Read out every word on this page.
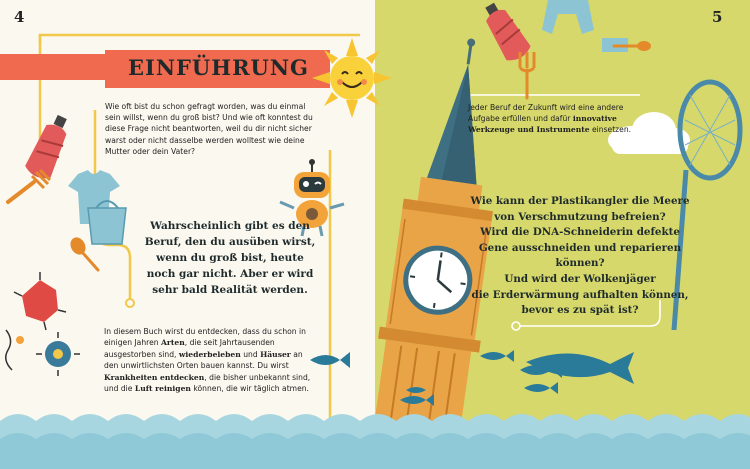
4	5
EINFÜHRUNG
Wie oft bist du schon gefragt worden, was du einmal sein willst, wenn du groß bist? Und wie oft konntest du diese Frage nicht beantworten, weil du dir nicht sicher warst oder nicht dasselbe werden wolltest wie deine Mutter oder dein Vater?
Wahrscheinlich gibt es den
Beruf, den du ausüben wirst,
wenn du groß bist, heute
noch gar nicht. Aber er wird
sehr bald Realität werden.
In diesem Buch wirst du entdecken, dass du schon in einigen Jahren Arten, die seit Jahrtausenden ausgestorben sind, wiederbeleben und Häuser an den unwirtlichsten Orten bauen kannst. Du wirst Krankheiten entdecken, die bisher unbekannt sind, und die Luft reinigen können, die wir täglich atmen.
Jeder Beruf der Zukunft wird eine andere Aufgabe erfüllen und dafür innovative Werkzeuge und Instrumente einsetzen.
Wie kann der Plastikangler die Meere
von Verschmutzung befreien?
Wird die DNA-Schneiderin defekte
Gene ausschneiden und reparieren
können?
Und wird der Wolkenjäger
die Erderwärmung aufhalten können,
bevor es zu spät ist?
